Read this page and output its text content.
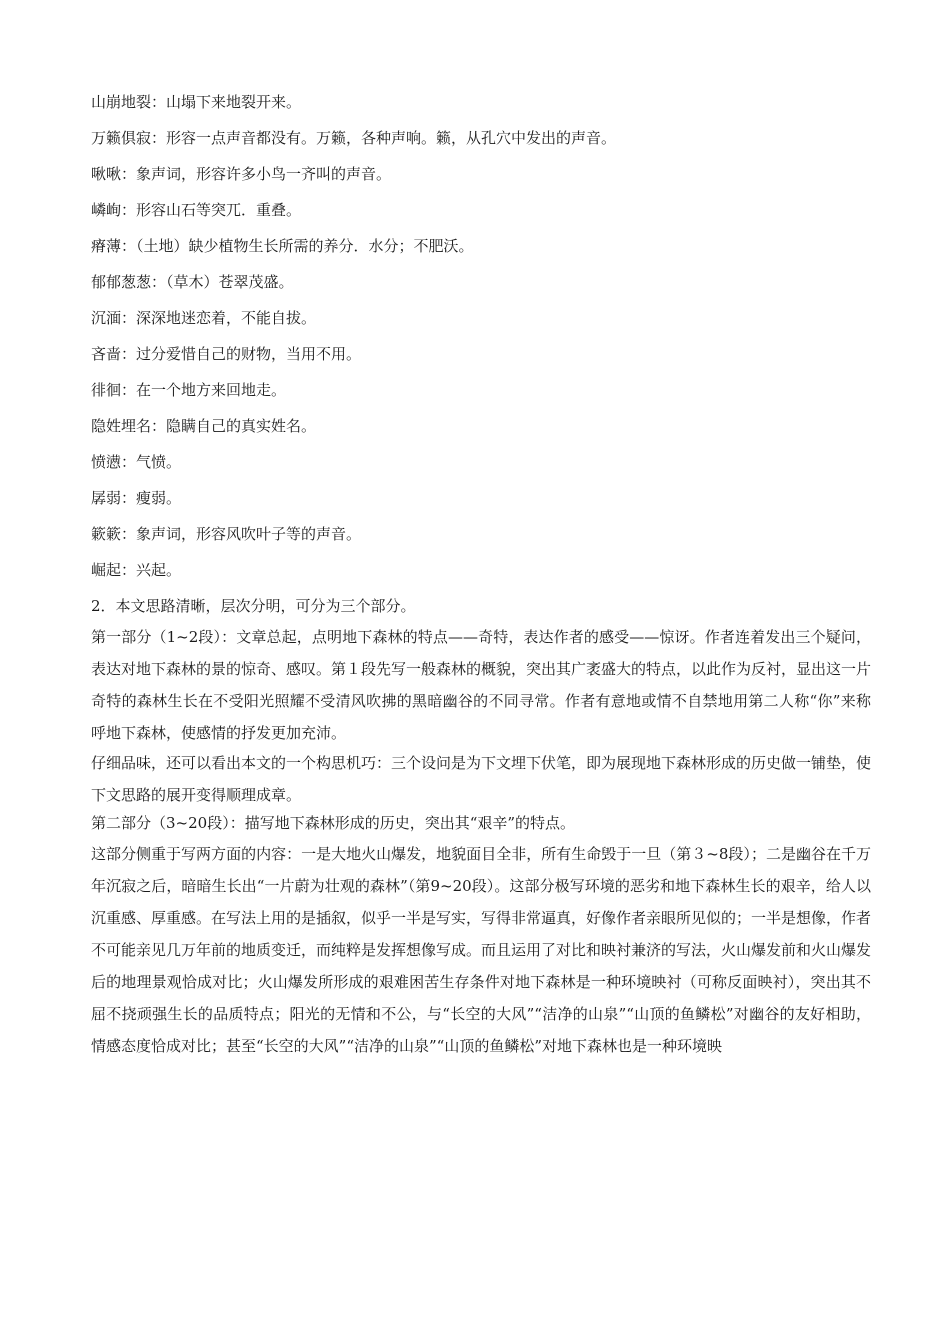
山崩地裂：山塌下来地裂开来。

万籁俱寂：形容一点声音都没有。万籁，各种声响。籁，从孔穴中发出的声音。

啾啾：象声词，形容许多小鸟一齐叫的声音。

嶙峋：形容山石等突兀．重叠。

瘠薄：（土地）缺少植物生长所需的养分．水分；不肥沃。

郁郁葱葱：（草木）苍翠茂盛。

沉湎：深深地迷恋着，不能自拔。

吝啬：过分爱惜自己的财物，当用不用。

徘徊：在一个地方来回地走。

隐姓埋名：隐瞒自己的真实姓名。

愤懑：气愤。

孱弱：瘦弱。

簌簌：象声词，形容风吹叶子等的声音。

崛起：兴起。

2．本文思路清晰，层次分明，可分为三个部分。

第一部分（1~2段）：文章总起，点明地下森林的特点——奇特，表达作者的感受——惊讶。作者连着发出三个疑问，表达对地下森林的景的惊奇、感叹。第１段先写一般森林的概貌，突出其广袤盛大的特点，以此作为反衬，显出这一片奇特的森林生长在不受阳光照耀不受清风吹拂的黑暗幽谷的不同寻常。作者有意地或情不自禁地用第二人称“你”来称呼地下森林，使感情的抒发更加充沛。

仔细品味，还可以看出本文的一个构思机巧：三个设问是为下文埋下伏笔，即为展现地下森林形成的历史做一铺垫，使下文思路的展开变得顺理成章。

第二部分（3~20段）：描写地下森林形成的历史，突出其“艰辛”的特点。

这部分侧重于写两方面的内容：一是大地火山爆发，地貌面目全非，所有生命毁于一旦（第３~8段）；二是幽谷在千万年沉寂之后，暗暗生长出“一片蔚为壮观的森林”（第9~20段）。这部分极写环境的恶劣和地下森林生长的艰辛，给人以沉重感、厚重感。在写法上用的是插叙，似乎一半是写实，写得非常逼真，好像作者亲眼所见似的；一半是想像，作者不可能亲见几万年前的地质变迁，而纯粹是发挥想像写成。而且运用了对比和映衬兼济的写法，火山爆发前和火山爆发后的地理景观恰成对比；火山爆发所形成的艰难困苦生存条件对地下森林是一种环境映衬（可称反面映衬），突出其不屈不挠顽强生长的品质特点；阳光的无情和不公，与“长空的大风”“洁净的山泉”“山顶的鱼鳞松”对幽谷的友好相助，情感态度恰成对比；甚至“长空的大风”“洁净的山泉”“山顶的鱼鳞松”对地下森林也是一种环境映
